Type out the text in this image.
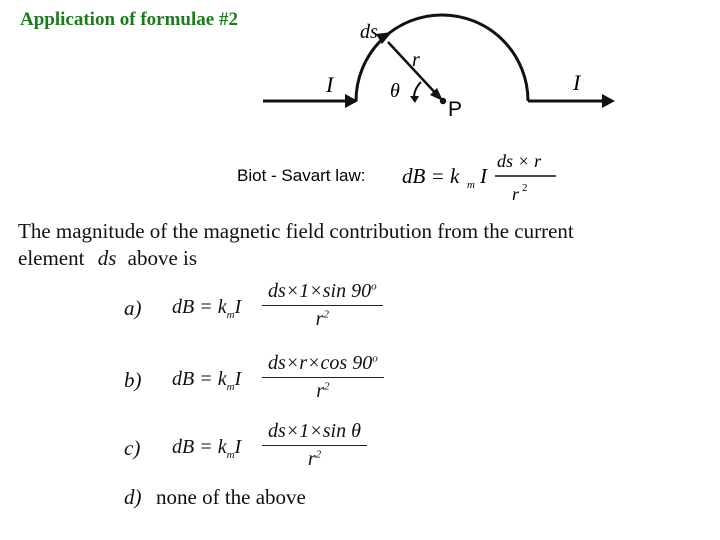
Application of formulae #2
ds
r
θ
I	I
P
Biot - Savart law: dB = k m I
ds × r
r 2
The magnitude of the magnetic field contribution from the current
element ds above is
a) dB = $k_mI \frac{ds\times 1\times\sin 90^o}{r^2}$
b) dB = $k_mI \frac{ds\times r\times\cos 90^o}{r^2}$
c) dB = $k_mI \frac{\text{ds×1×sin θ}}{r^2}$
d) none of the above
